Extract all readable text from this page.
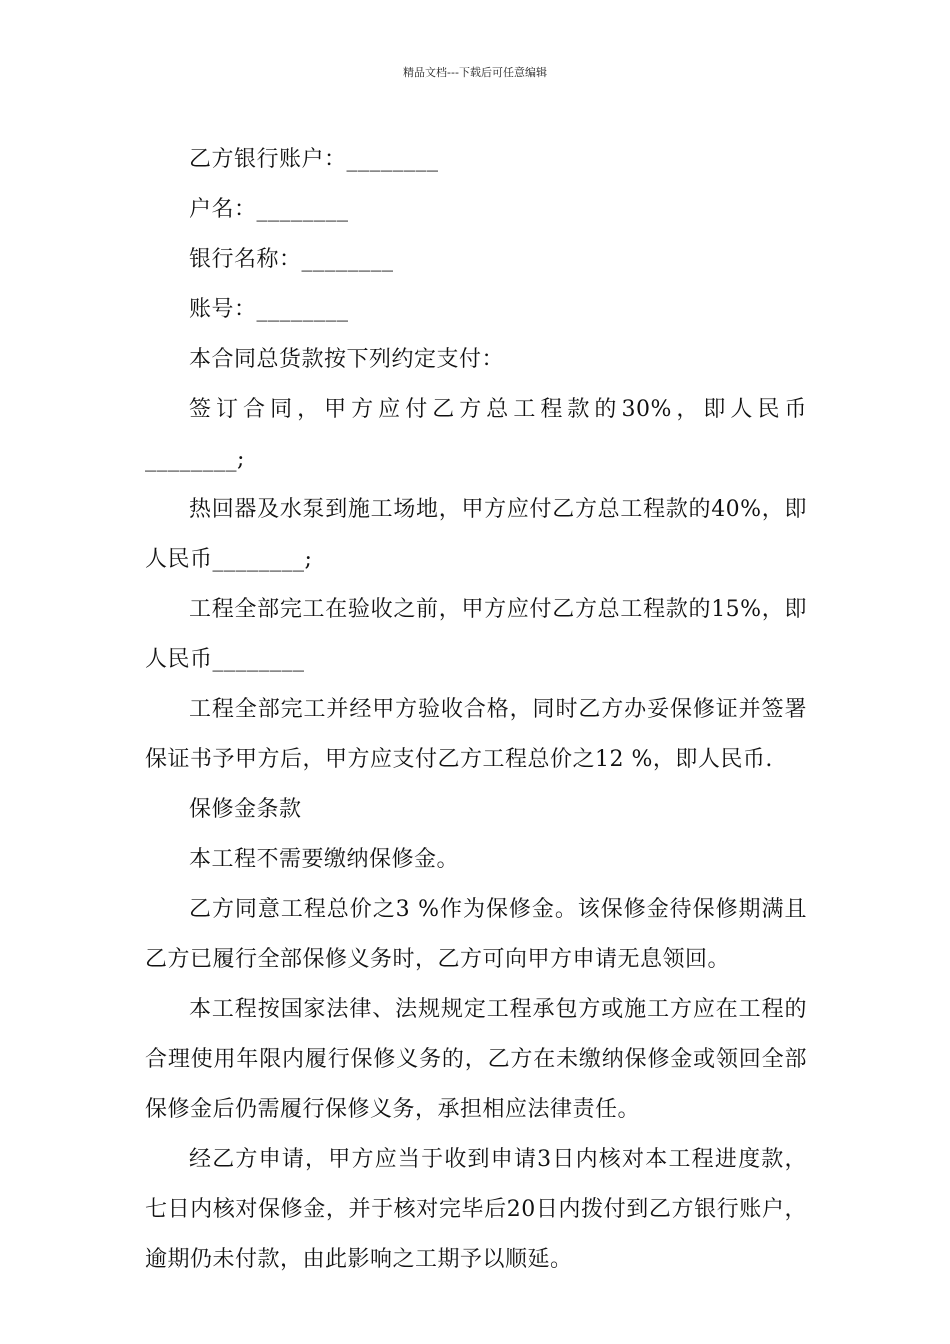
精品文档---下载后可任意编辑

乙方银行账户：________

户名：________

银行名称：________

账号：________

本合同总货款按下列约定支付：

签订合同，甲方应付乙方总工程款的30%，即人民币________;

热回器及水泵到施工场地，甲方应付乙方总工程款的40%，即人民币________;

工程全部完工在验收之前，甲方应付乙方总工程款的15%，即人民币________

工程全部完工并经甲方验收合格，同时乙方办妥保修证并签署保证书予甲方后，甲方应支付乙方工程总价之12 %，即人民币.

保修金条款

本工程不需要缴纳保修金。

乙方同意工程总价之3 %作为保修金。该保修金待保修期满且乙方已履行全部保修义务时，乙方可向甲方申请无息领回。

本工程按国家法律、法规规定工程承包方或施工方应在工程的合理使用年限内履行保修义务的，乙方在未缴纳保修金或领回全部保修金后仍需履行保修义务，承担相应法律责任。

经乙方申请，甲方应当于收到申请3日内核对本工程进度款，七日内核对保修金，并于核对完毕后20日内拨付到乙方银行账户，逾期仍未付款，由此影响之工期予以顺延。
